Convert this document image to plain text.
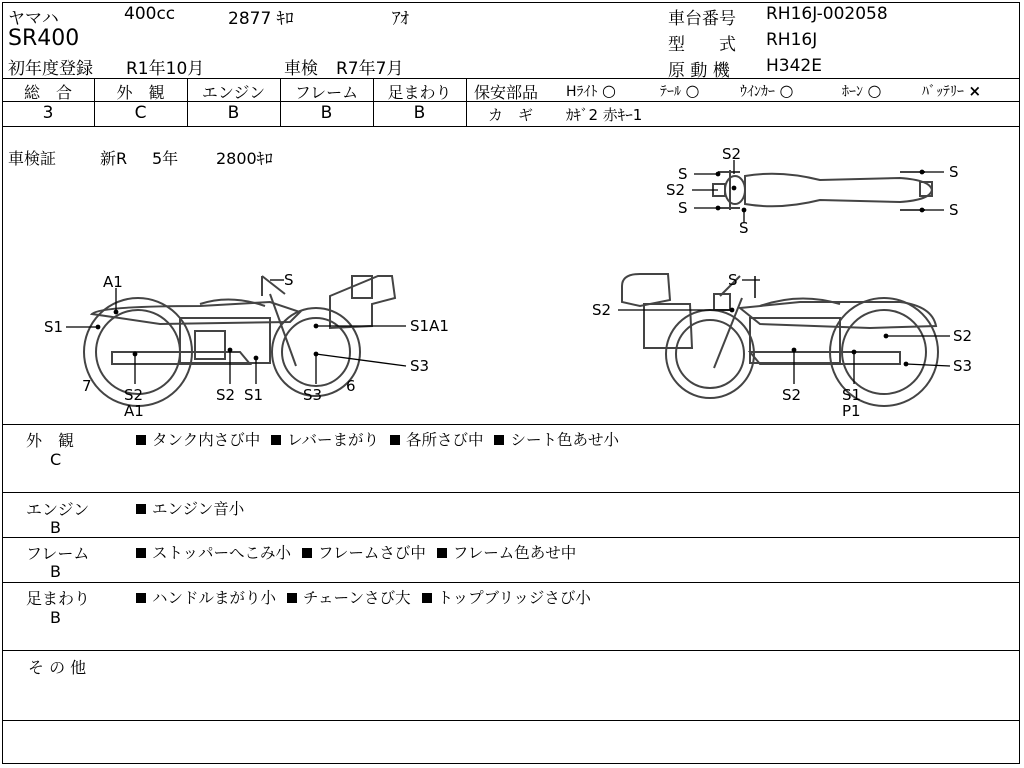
ヤマハ	400cc	2877 ｷﾛ	ｱｵ
SR400
初年度登録 R1年10月	車検 R7年7月
車台番号 RH16J-002058
型　　式 RH16J
原 動 機 H342E
総　合
3
外　観
C
エンジン
B
フレーム
B
足まわり
B
保安部品 Hﾗｲﾄ ○	ﾃｰﾙ ○	ｳｲﾝｶｰ ○	ﾎｰﾝ ○	ﾊﾞｯﾃﾘｰ ×
カ　ギ ｶｷﾞ2 赤ｷｰ1
車検証	新R 5年 2800ｷﾛ	S2
S
S2
S
S
S
S
A1	S
S1	S1A1
S3
7 S2
A1
S2 S1	S3 6
S
S2
S2
S3
S2	S1
P1
外　観
C
タンク内さび中 レバーまがり 各所さび中 シート色あせ小
エンジン
B
エンジン音小
フレーム
B
ストッパーへこみ小 フレームさび中 フレーム色あせ中
足まわり
B
ハンドルまがり小 チェーンさび大 トップブリッジさび小
そ の 他
